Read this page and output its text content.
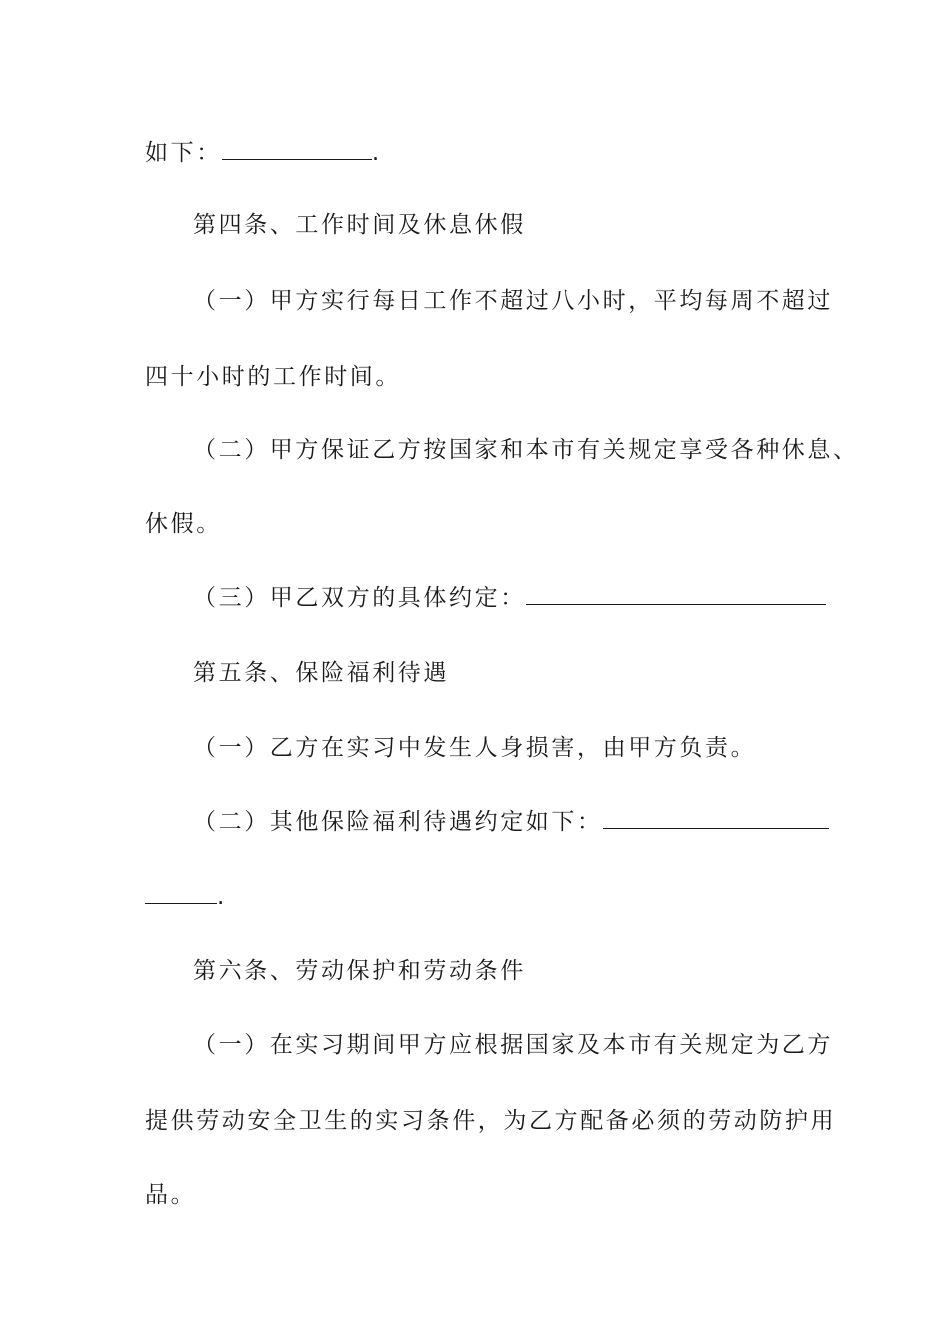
如下：	.
第四条、工作时间及休息休假
（一）甲方实行每日工作不超过八小时，平均每周不超过
四十小时的工作时间。
（二）甲方保证乙方按国家和本市有关规定享受各种休息、
休假。
（三）甲乙双方的具体约定：
第五条、保险福利待遇
（一）乙方在实习中发生人身损害，由甲方负责。
（二）其他保险福利待遇约定如下：
.
第六条、劳动保护和劳动条件
（一）在实习期间甲方应根据国家及本市有关规定为乙方
提供劳动安全卫生的实习条件，为乙方配备必须的劳动防护用
品。
